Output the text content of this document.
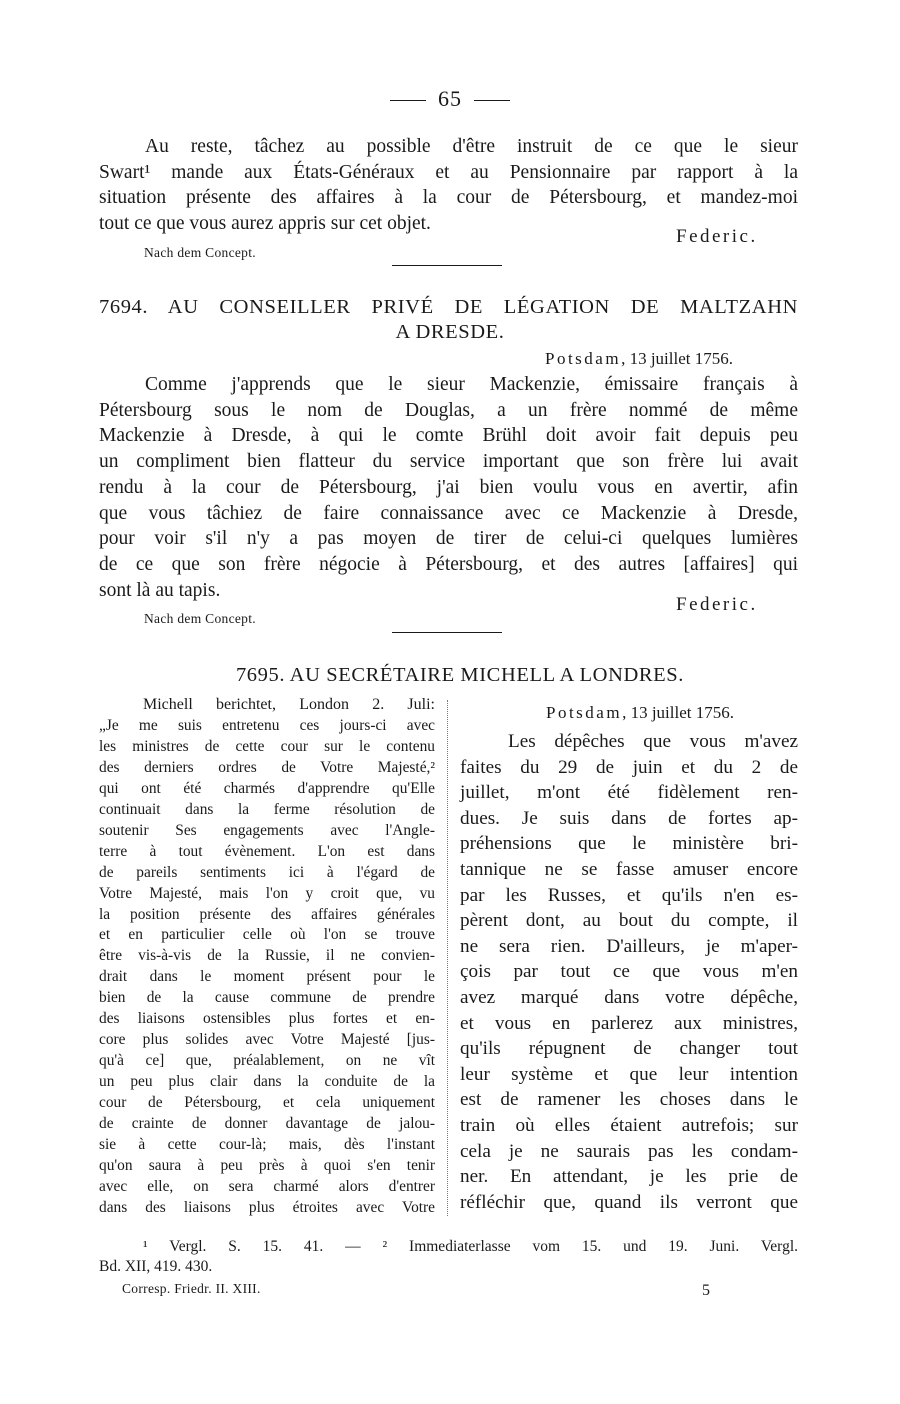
65
Au reste, tâchez au possible d'être instruit de ce que le sieur
Swart¹ mande aux États-Généraux et au Pensionnaire par rapport à la
situation présente des affaires à la cour de Pétersbourg, et mandez-moi
tout ce que vous aurez appris sur cet objet.
Federic.
Nach dem Concept.
7694. AU CONSEILLER PRIVÉ DE LÉGATION DE MALTZAHN
A DRESDE.
Potsdam, 13 juillet 1756.
Comme j'apprends que le sieur Mackenzie, émissaire français à
Pétersbourg sous le nom de Douglas, a un frère nommé de même
Mackenzie à Dresde, à qui le comte Brühl doit avoir fait depuis peu
un compliment bien flatteur du service important que son frère lui avait
rendu à la cour de Pétersbourg, j'ai bien voulu vous en avertir, afin
que vous tâchiez de faire connaissance avec ce Mackenzie à Dresde,
pour voir s'il n'y a pas moyen de tirer de celui-ci quelques lumières
de ce que son frère négocie à Pétersbourg, et des autres [affaires] qui
sont là au tapis.
Federic.
Nach dem Concept.
7695. AU SECRÉTAIRE MICHELL A LONDRES.
Michell berichtet, London 2. Juli:
„Je me suis entretenu ces jours-ci avec
les ministres de cette cour sur le contenu
des derniers ordres de Votre Majesté,²
qui ont été charmés d'apprendre qu'Elle
continuait dans la ferme résolution de
soutenir Ses engagements avec l'Angle-
terre à tout évènement. L'on est dans
de pareils sentiments ici à l'égard de
Votre Majesté, mais l'on y croit que, vu
la position présente des affaires générales
et en particulier celle où l'on se trouve
être vis-à-vis de la Russie, il ne convien-
drait dans le moment présent pour le
bien de la cause commune de prendre
des liaisons ostensibles plus fortes et en-
core plus solides avec Votre Majesté [jus-
qu'à ce] que, préalablement, on ne vît
un peu plus clair dans la conduite de la
cour de Pétersbourg, et cela uniquement
de crainte de donner davantage de jalou-
sie à cette cour-là; mais, dès l'instant
qu'on saura à peu près à quoi s'en tenir
avec elle, on sera charmé alors d'entrer
dans des liaisons plus étroites avec Votre
Potsdam, 13 juillet 1756.
Les dépêches que vous m'avez
faites du 29 de juin et du 2 de
juillet, m'ont été fidèlement ren-
dues. Je suis dans de fortes ap-
préhensions que le ministère bri-
tannique ne se fasse amuser encore
par les Russes, et qu'ils n'en es-
pèrent dont, au bout du compte, il
ne sera rien. D'ailleurs, je m'aper-
çois par tout ce que vous m'en
avez marqué dans votre dépêche,
et vous en parlerez aux ministres,
qu'ils répugnent de changer tout
leur système et que leur intention
est de ramener les choses dans le
train où elles étaient autrefois; sur
cela je ne saurais pas les condam-
ner. En attendant, je les prie de
réfléchir que, quand ils verront que
¹ Vergl. S. 15. 41. — ² Immediaterlasse vom 15. und 19. Juni. Vergl.
Bd. XII, 419. 430.
Corresp. Friedr. II. XIII.	5
